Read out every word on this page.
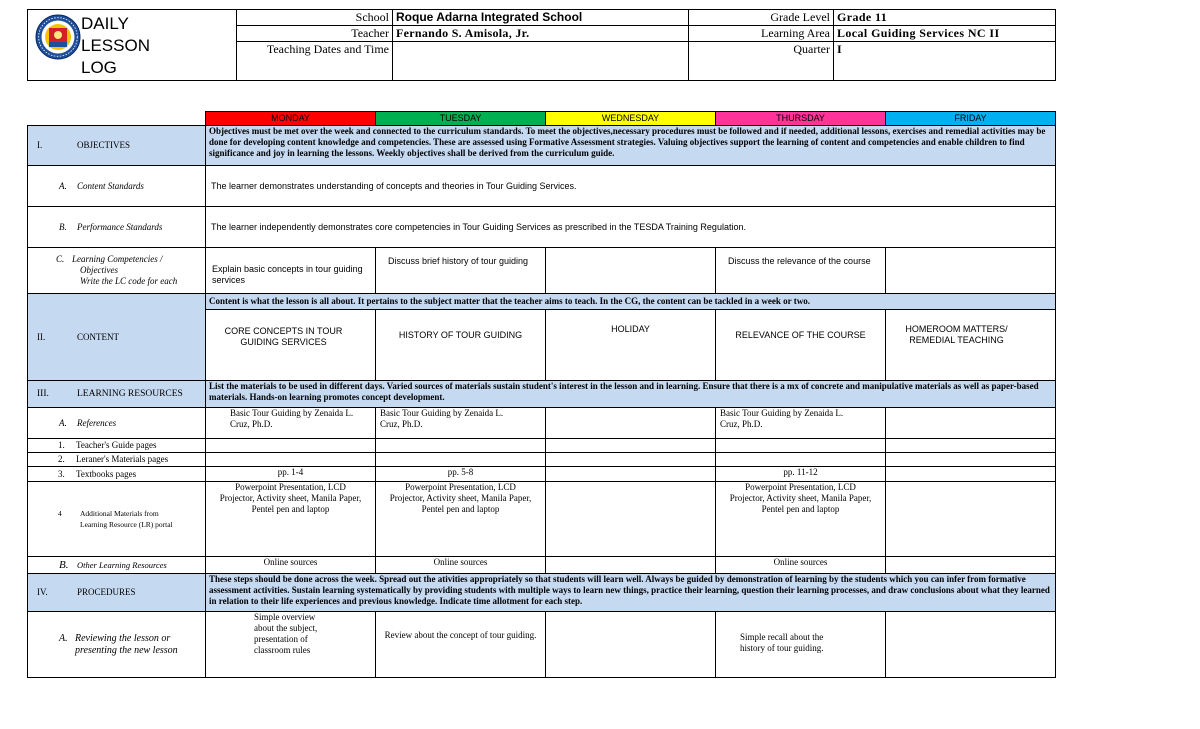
DAILY
LESSON
LOG	School	Roque Adarna Integrated School	Grade Level	Grade 11
	Teacher	Fernando S. Amisola, Jr.	Learning Area	Local Guiding Services NC II
	Teaching Dates and Time		Quarter	I
	MONDAY	TUESDAY	WEDNESDAY	THURSDAY	FRIDAY
I. OBJECTIVES	Objectives must be met over the week and connected to the curriculum standards. To meet the objectives,necessary procedures must be followed and if needed, additional lessons, exercises and remedial activities may be done for developing content knowledge and competencies. These are assessed using Formative Assessment strategies. Valuing objectives support the learning of content and competencies and enable children to find significance and joy in learning the lessons. Weekly objectives shall be derived from the curriculum guide.				
A. Content Standards	The learner demonstrates understanding of concepts and theories in Tour Guiding Services.				
B. Performance Standards	The learner independently demonstrates core competencies in Tour Guiding Services as prescribed in the TESDA Training Regulation.				

C. Learning Competencies /
Objectives
Write the LC code for each	Explain basic concepts in tour guiding services	Discuss brief history of tour guiding		Discuss the relevance of the course	
II. CONTENT	Content is what the lesson is all about. It pertains to the subject matter that the teacher aims to teach. In the CG, the content can be tackled in a week or two.				

	CORE CONCEPTS IN TOUR GUIDING SERVICES	HISTORY OF TOUR GUIDING	HOLIDAY	RELEVANCE OF THE COURSE	HOMEROOM MATTERS/ REMEDIAL TEACHING
III. LEARNING RESOURCES	List the materials to be used in different days. Varied sources of materials sustain student's interest in the lesson and in learning. Ensure that there is a mx of concrete and manipulative materials as well as paper-based materials. Hands-on learning promotes concept development.				
A. References	Basic Tour Guiding by Zenaida L. Cruz, Ph.D.	Basic Tour Guiding by Zenaida L. Cruz, Ph.D.		Basic Tour Guiding by Zenaida L. Cruz, Ph.D.	
1. Teacher's Guide pages					
2. Leraner's Materials pages					
3. Textbooks pages	pp. 1-4	pp. 5-8		pp. 11-12	

4 Additional Materials from
Learning Resource (LR) portal	Powerpoint Presentation, LCD Projector, Activity sheet, Manila Paper, Pentel pen and laptop	Powerpoint Presentation, LCD Projector, Activity sheet, Manila Paper, Pentel pen and laptop		Powerpoint Presentation, LCD Projector, Activity sheet, Manila Paper, Pentel pen and laptop	
B. Other Learning Resources	Online sources	Online sources		Online sources	
IV. PROCEDURES	These steps should be done across the week. Spread out the ativities appropriately so that students will learn well. Always be guided by demonstration of learning by the students which you can infer from formative assessment activities. Sustain learning systematically by providing students with multiple ways to learn new things, practice their learning, question their learning processes, and draw conclusions about what they learned in relation to their life experiences and previous knowledge. Indicate time allotment for each step.				

A. Reviewing the lesson or presenting the new lesson	Simple overview about the subject, presentation of classroom rules	Review about the concept of tour guiding.		Simple recall about the history of tour guiding.	
